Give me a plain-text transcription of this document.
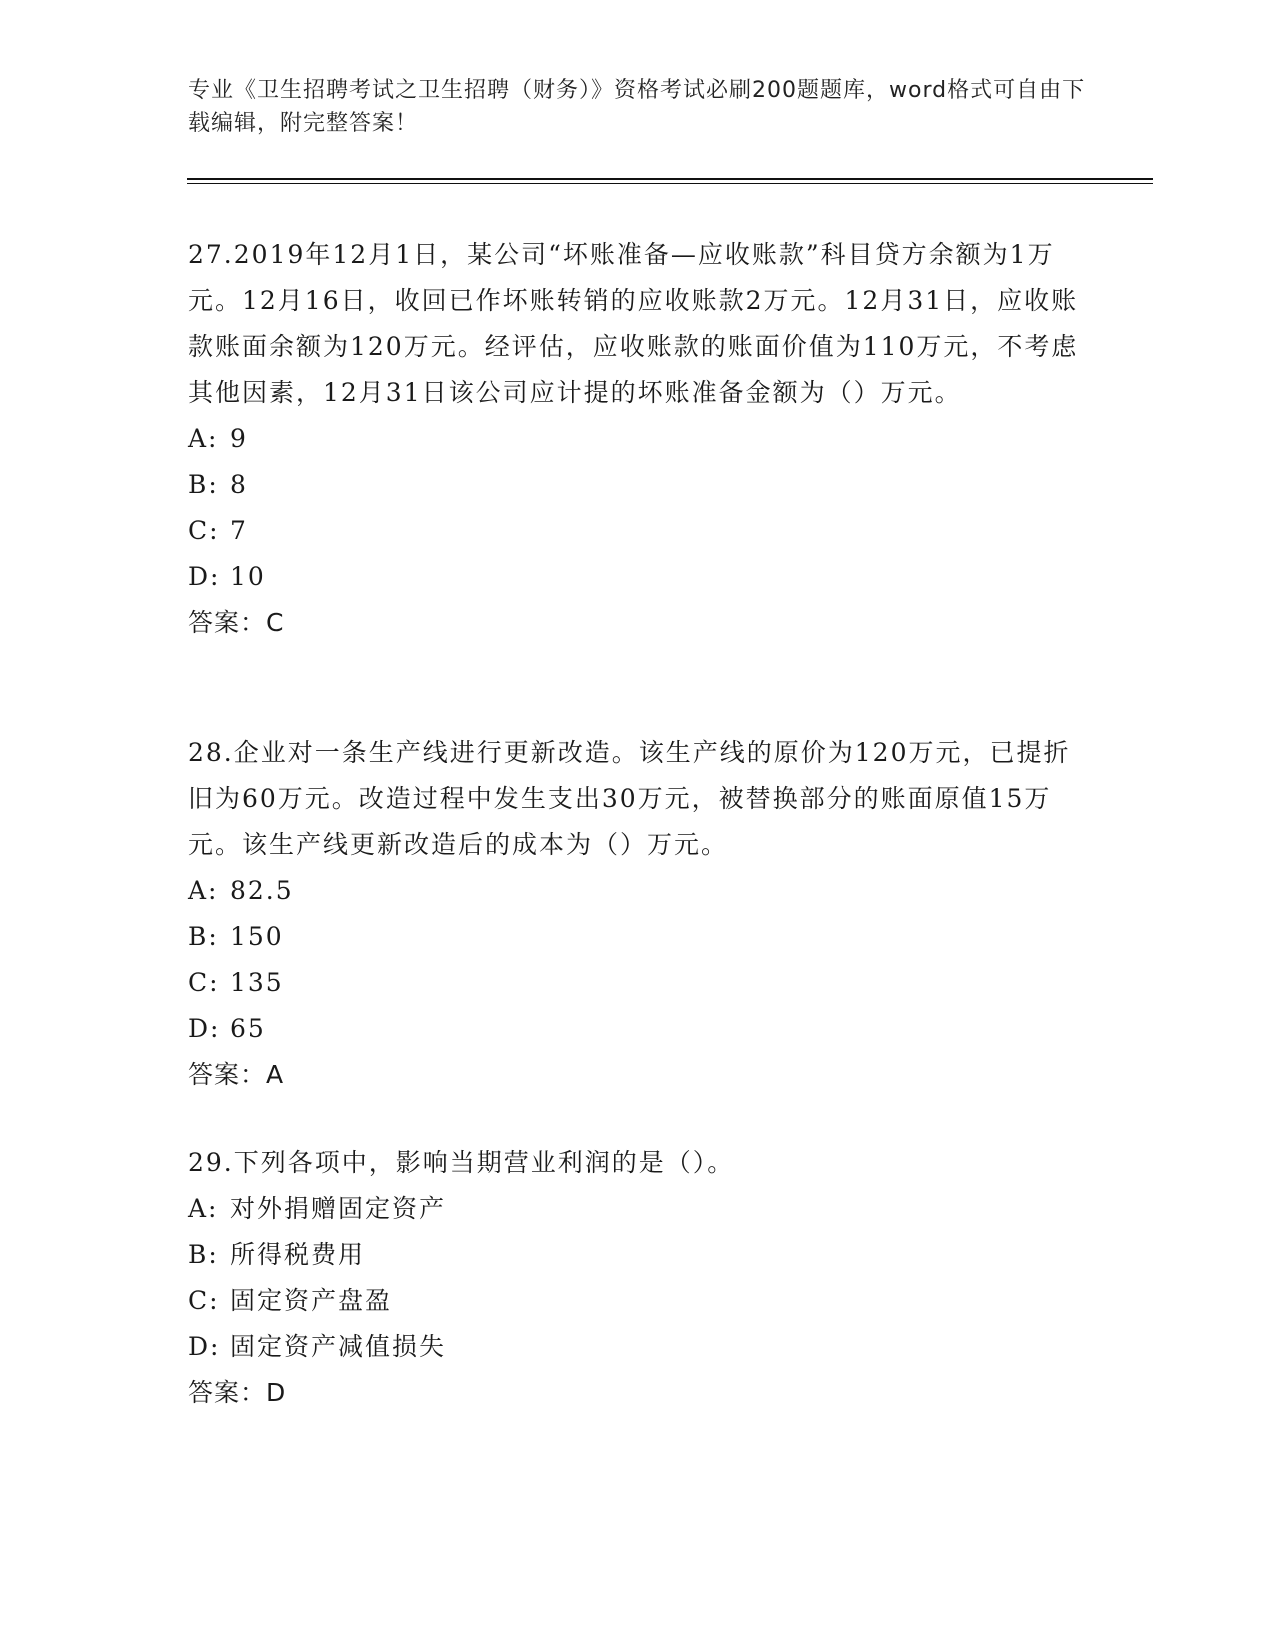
专业《卫生招聘考试之卫生招聘（财务）》资格考试必刷200题题库，word格式可自由下载编辑，附完整答案！

27.2019年12月1日，某公司“坏账准备—应收账款”科目贷方余额为1万元。12月16日，收回已作坏账转销的应收账款2万元。12月31日，应收账款账面余额为120万元。经评估，应收账款的账面价值为110万元，不考虑其他因素，12月31日该公司应计提的坏账准备金额为（）万元。

A: 9

B: 8

C: 7

D: 10

答案：C

28.企业对一条生产线进行更新改造。该生产线的原价为120万元，已提折旧为60万元。改造过程中发生支出30万元，被替换部分的账面原值15万元。该生产线更新改造后的成本为（）万元。

A: 82.5

B: 150

C: 135

D: 65

答案：A

29.下列各项中，影响当期营业利润的是（）。

A: 对外捐赠固定资产

B: 所得税费用

C: 固定资产盘盈

D: 固定资产减值损失

答案：D
